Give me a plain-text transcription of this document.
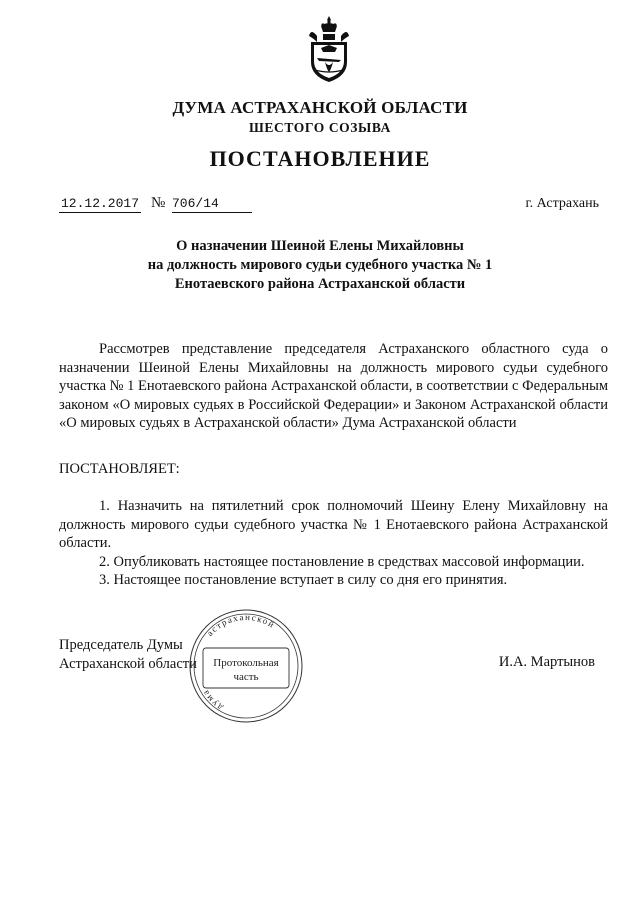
ДУМА АСТРАХАНСКОЙ ОБЛАСТИ
ШЕСТОГО СОЗЫВА
ПОСТАНОВЛЕНИЕ
12.12.2017 № 706/14	г. Астрахань
О назначении Шеиной Елены Михайловны
на должность мирового судьи судебного участка № 1
Енотаевского района Астраханской области
Рассмотрев представление председателя Астраханского областного суда о назначении Шеиной Елены Михайловны на должность мирового судьи судебного участка № 1 Енотаевского района Астраханской области, в соответствии с Федеральным законом «О мировых судьях в Российской Федерации» и Законом Астраханской области «О мировых судьях в Астраханской области» Дума Астраханской области
ПОСТАНОВЛЯЕТ:

1. Назначить на пятилетний срок полномочий Шеину Елену Михайловну на должность мирового судьи судебного участка № 1 Енотаевского района Астраханской области.

2. Опубликовать настоящее постановление в средствах массовой информации.

3. Настоящее постановление вступает в силу со дня его принятия.

Председатель Думы
Астраханской области	И.А. Мартынов
астраханской
дума
Протокольная
часть
